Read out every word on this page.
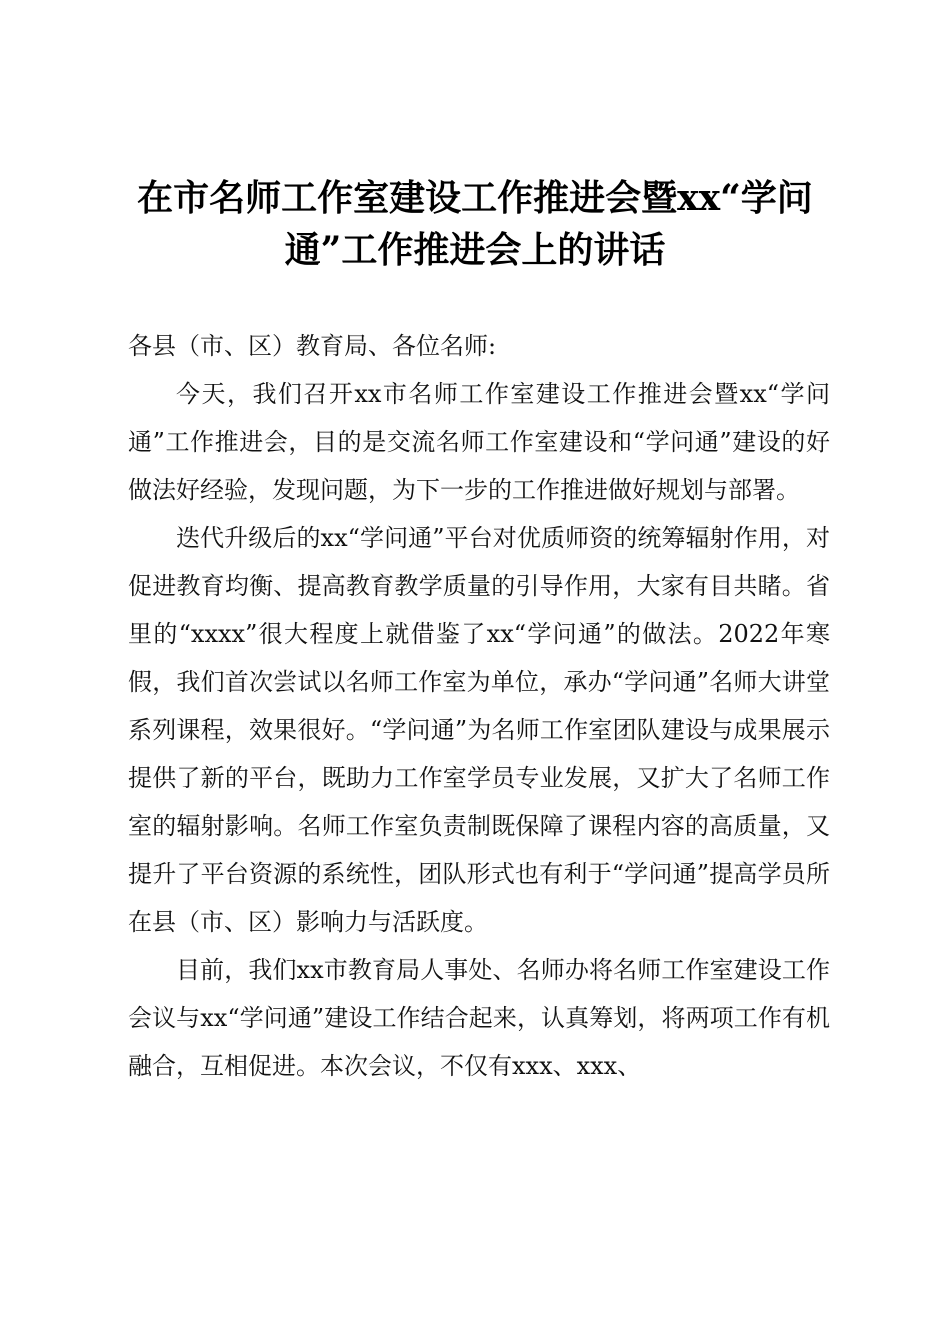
在市名师工作室建设工作推进会暨xx“学问通”工作推进会上的讲话

各县（市、区）教育局、各位名师:

今天，我们召开xx市名师工作室建设工作推进会暨xx“学问通”工作推进会，目的是交流名师工作室建设和“学问通”建设的好做法好经验，发现问题，为下一步的工作推进做好规划与部署。

迭代升级后的xx“学问通”平台对优质师资的统筹辐射作用，对促进教育均衡、提高教育教学质量的引导作用，大家有目共睹。省里的“xxxx”很大程度上就借鉴了xx“学问通”的做法。2022年寒假，我们首次尝试以名师工作室为单位，承办“学问通”名师大讲堂系列课程，效果很好。“学问通”为名师工作室团队建设与成果展示提供了新的平台，既助力工作室学员专业发展，又扩大了名师工作室的辐射影响。名师工作室负责制既保障了课程内容的高质量，又提升了平台资源的系统性，团队形式也有利于“学问通”提高学员所在县（市、区）影响力与活跃度。

目前，我们xx市教育局人事处、名师办将名师工作室建设工作会议与xx“学问通”建设工作结合起来，认真筹划，将两项工作有机融合，互相促进。本次会议，不仅有xxx、xxx、
